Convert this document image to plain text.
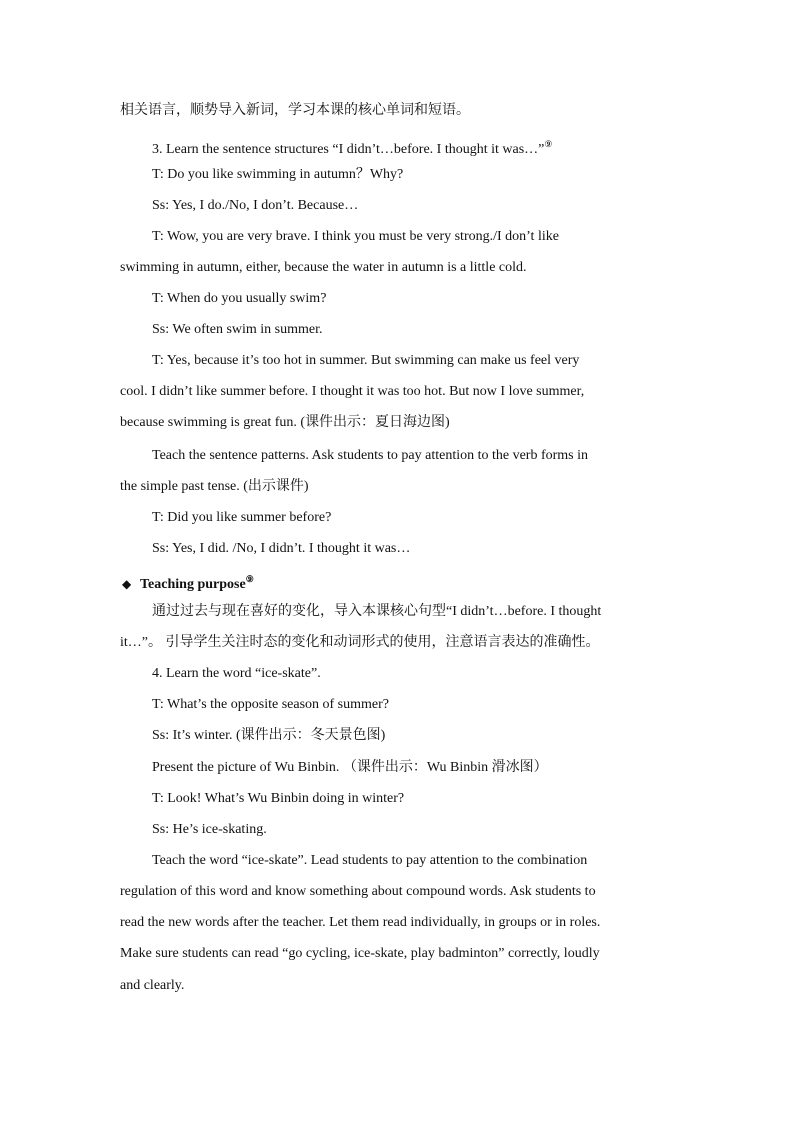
相关语言，顺势导入新词，学习本课的核心单词和短语。
3. Learn the sentence structures “I didn’t…before. I thought it was…”⑨
T: Do you like swimming in autumn？Why?
Ss: Yes, I do./No, I don’t. Because…
T: Wow, you are very brave. I think you must be very strong./I don’t like
swimming in autumn, either, because the water in autumn is a little cold.
T: When do you usually swim?
Ss: We often swim in summer.
T: Yes, because it’s too hot in summer. But swimming can make us feel very
cool. I didn’t like summer before. I thought it was too hot. But now I love summer,
because swimming is great fun. (课件出示：夏日海边图)
Teach the sentence patterns. Ask students to pay attention to the verb forms in
the simple past tense. (出示课件)
T: Did you like summer before?
Ss: Yes, I did. /No, I didn’t. I thought it was…
◆ Teaching purpose⑨
通过过去与现在喜好的变化，导入本课核心句型“I didn’t…before. I thought
it…”。 引导学生关注时态的变化和动词形式的使用，注意语言表达的准确性。
4. Learn the word “ice-skate”.
T: What’s the opposite season of summer?
Ss: It’s winter. (课件出示：冬天景色图)
Present the picture of Wu Binbin. （课件出示：Wu Binbin 滑冰图）
T: Look! What’s Wu Binbin doing in winter?
Ss: He’s ice-skating.
Teach the word “ice-skate”. Lead students to pay attention to the combination
regulation of this word and know something about compound words. Ask students to
read the new words after the teacher. Let them read individually, in groups or in roles.
Make sure students can read “go cycling, ice-skate, play badminton” correctly, loudly
and clearly.
